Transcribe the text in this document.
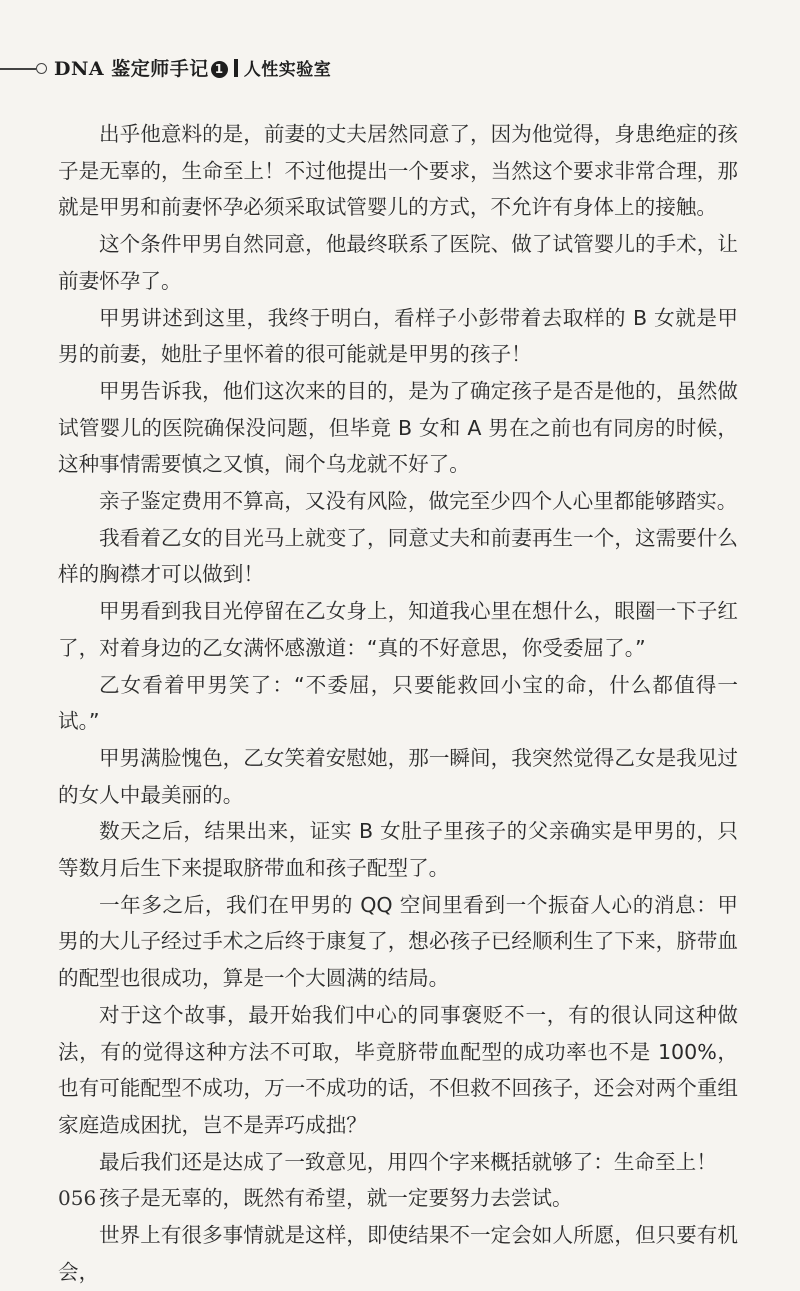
DNA 鉴定师手记 1 人性实验室

出乎他意料的是，前妻的丈夫居然同意了，因为他觉得，身患绝症的孩子是无辜的，生命至上！不过他提出一个要求，当然这个要求非常合理，那就是甲男和前妻怀孕必须采取试管婴儿的方式，不允许有身体上的接触。

这个条件甲男自然同意，他最终联系了医院、做了试管婴儿的手术，让前妻怀孕了。

甲男讲述到这里，我终于明白，看样子小彭带着去取样的 B 女就是甲男的前妻，她肚子里怀着的很可能就是甲男的孩子！

甲男告诉我，他们这次来的目的，是为了确定孩子是否是他的，虽然做试管婴儿的医院确保没问题，但毕竟 B 女和 A 男在之前也有同房的时候，这种事情需要慎之又慎，闹个乌龙就不好了。

亲子鉴定费用不算高，又没有风险，做完至少四个人心里都能够踏实。

我看着乙女的目光马上就变了，同意丈夫和前妻再生一个，这需要什么样的胸襟才可以做到！

甲男看到我目光停留在乙女身上，知道我心里在想什么，眼圈一下子红了，对着身边的乙女满怀感激道：“真的不好意思，你受委屈了。”

乙女看着甲男笑了：“不委屈，只要能救回小宝的命，什么都值得一试。”

甲男满脸愧色，乙女笑着安慰她，那一瞬间，我突然觉得乙女是我见过的女人中最美丽的。

数天之后，结果出来，证实 B 女肚子里孩子的父亲确实是甲男的，只等数月后生下来提取脐带血和孩子配型了。

一年多之后，我们在甲男的 QQ 空间里看到一个振奋人心的消息：甲男的大儿子经过手术之后终于康复了，想必孩子已经顺利生了下来，脐带血的配型也很成功，算是一个大圆满的结局。

对于这个故事，最开始我们中心的同事褒贬不一，有的很认同这种做法，有的觉得这种方法不可取，毕竟脐带血配型的成功率也不是 100%，也有可能配型不成功，万一不成功的话，不但救不回孩子，还会对两个重组家庭造成困扰，岂不是弄巧成拙？

最后我们还是达成了一致意见，用四个字来概括就够了：生命至上！

孩子是无辜的，既然有希望，就一定要努力去尝试。

世界上有很多事情就是这样，即使结果不一定会如人所愿，但只要有机会，

056
